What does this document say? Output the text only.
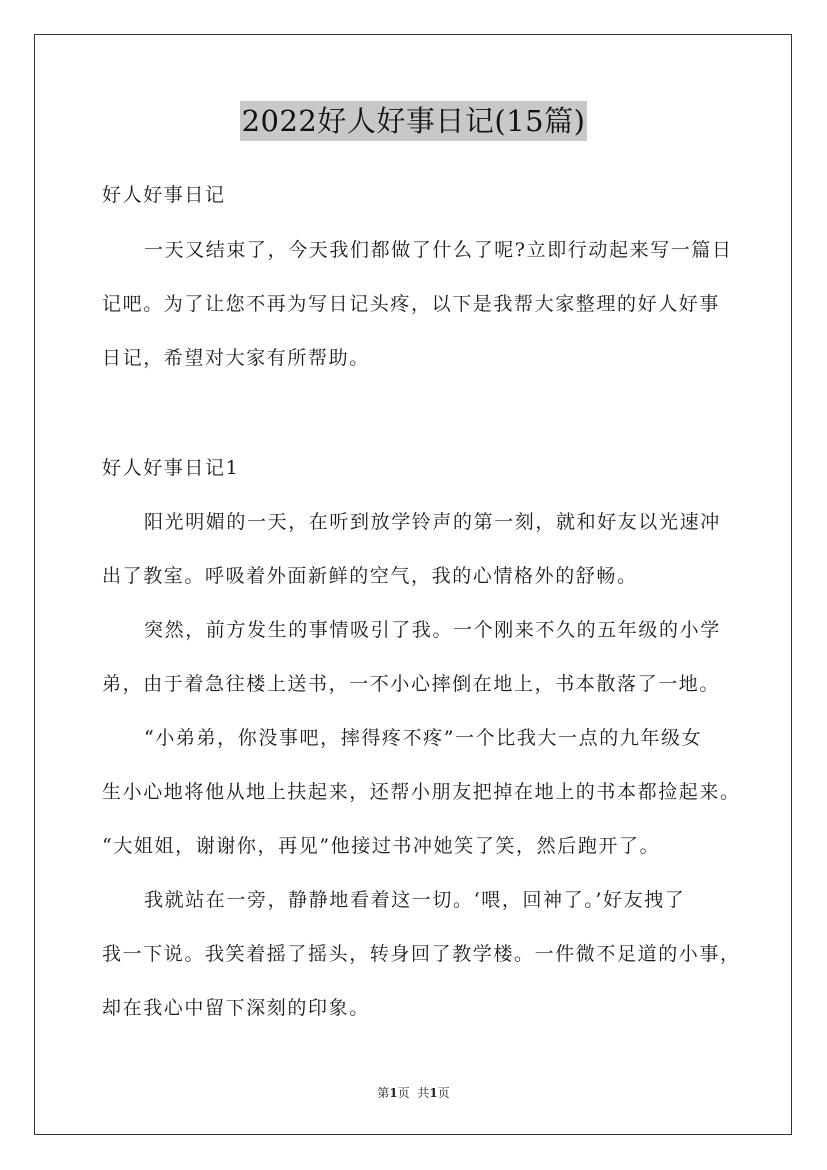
2022好人好事日记(15篇)
好人好事日记
一天又结束了，今天我们都做了什么了呢?立即行动起来写一篇日
记吧。为了让您不再为写日记头疼，以下是我帮大家整理的好人好事
日记，希望对大家有所帮助。
好人好事日记1
阳光明媚的一天，在听到放学铃声的第一刻，就和好友以光速冲
出了教室。呼吸着外面新鲜的空气，我的心情格外的舒畅。
突然，前方发生的事情吸引了我。一个刚来不久的五年级的小学
弟，由于着急往楼上送书，一不小心摔倒在地上，书本散落了一地。
“小弟弟，你没事吧，摔得疼不疼”一个比我大一点的九年级女
生小心地将他从地上扶起来，还帮小朋友把掉在地上的书本都捡起来。
“大姐姐，谢谢你，再见”他接过书冲她笑了笑，然后跑开了。
我就站在一旁，静静地看着这一切。‘喂，回神了。’好友拽了
我一下说。我笑着摇了摇头，转身回了教学楼。一件微不足道的小事，
却在我心中留下深刻的印象。
第1页  共1页
